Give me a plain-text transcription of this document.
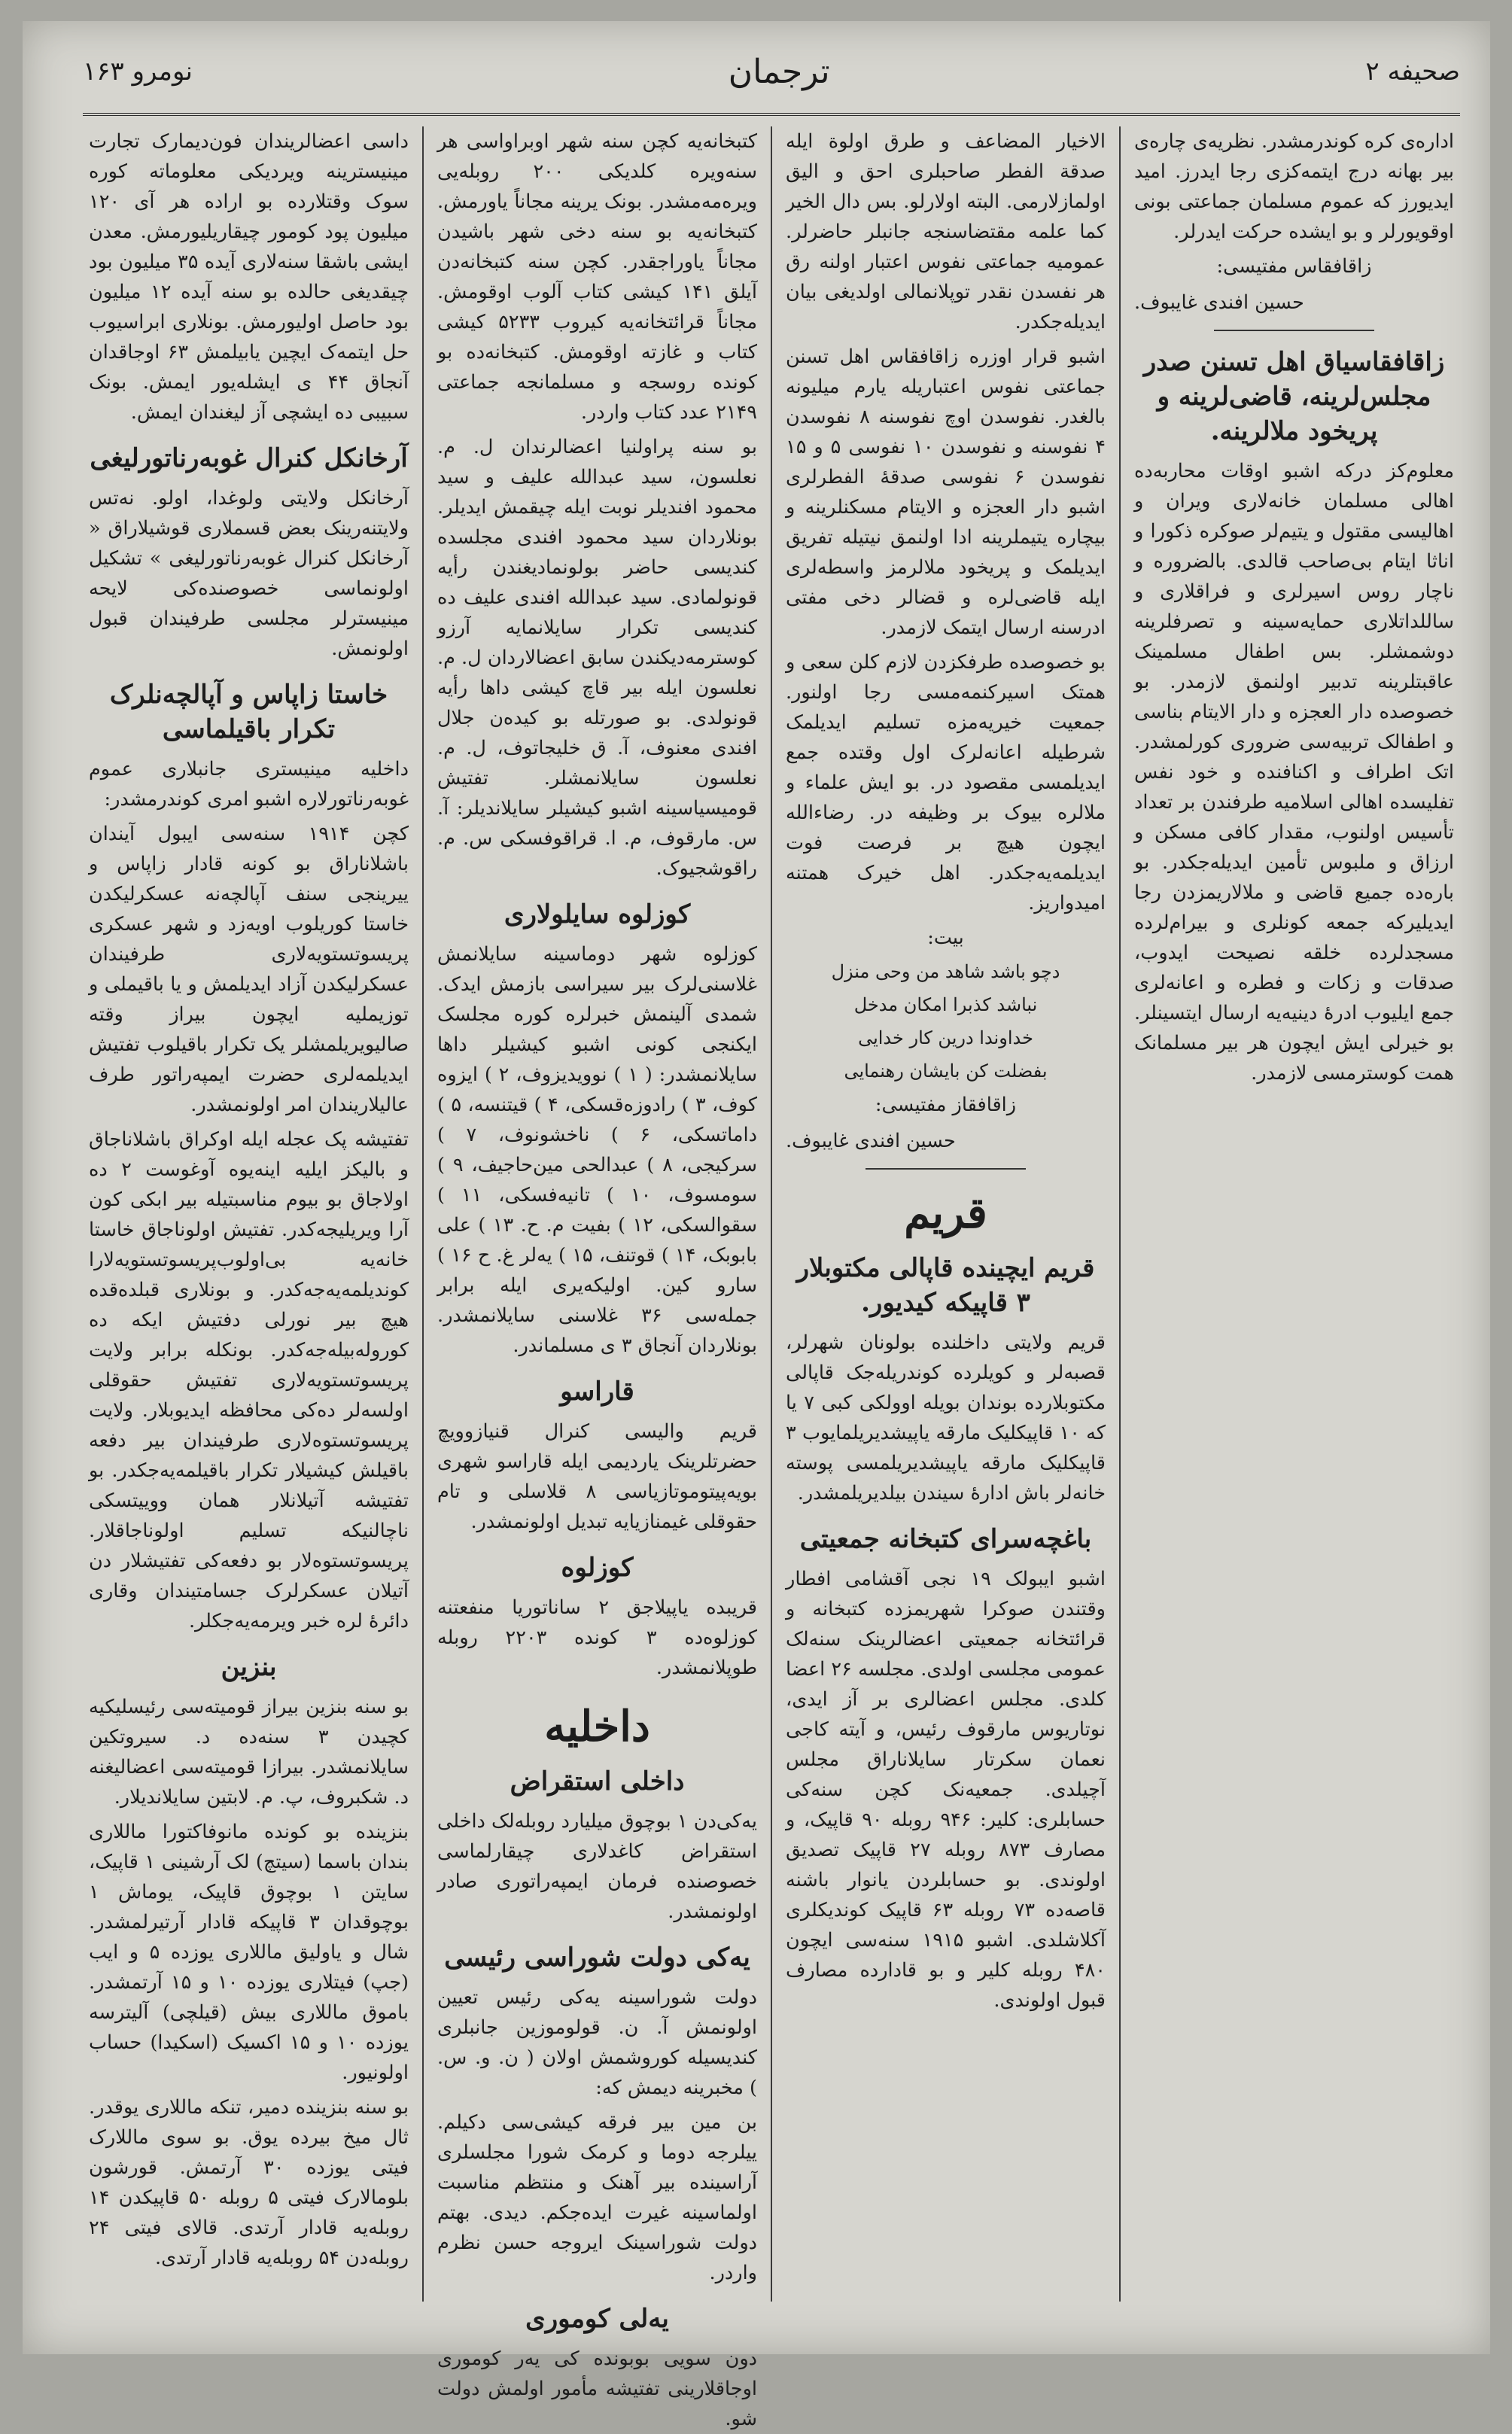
نومرو ۱۶۳	ترجمان	صحیفه ۲

اداره‌ی کره کوندرمشدر. نظریه‌ی چاره‌ی بیر بهانه درج ایتمه‌کزی رجا ایدرز. امید ایدیورز که عموم مسلمان جماعتی بونی اوقویورلر و بو ایشده حرکت ایدرلر.

زاقافقاس مفتیسی:

حسین افندی غایبوف.

زاقافقاسیاق اهل تسنن صدر مجلس‌لرینه، قاضی‌لرینه و پریخود ملالرینه.

معلوم‌کز درکه اشبو اوقات محاربه‌ده اهالی مسلمان خانه‌لاری ویران و اهالیسی مقتول و یتیم‌لر صوکره ذکورا و اناثا ایتام بی‌صاحب قالدی. بالضروره و ناچار روس اسیرلری و فراقلاری و ساللداتلاری حمایه‌سینه و تصرفلرینه دوشمشلر. بس اطفال مسلمینک عاقبتلرینه تدبیر اولنمق لازمدر. بو خصوصده دار العجزه و دار الایتام بناسی و اطفالک تربیه‌سی ضروری کورلمشدر. اتک اطراف و اکنافنده و خود نفس تفلیسده اهالی اسلامیه طرفندن بر تعداد تأسیس اولنوب، مقدار کافی مسکن و ارزاق و ملبوس تأمین ایدیله‌جکدر. بو باره‌ده جمیع قاضی و ملالاریمزدن رجا ایدیلیرکه جمعه کونلری و بیرام‌لرده مسجدلرده خلقه نصیحت ایدوب، صدقات و زکات و فطره و اعانه‌لری جمع ایلیوب ادرهٔ دینیه‌یه ارسال ایتسینلر. بو خیرلی ایش ایچون هر بیر مسلمانک همت کوسترمسی لازمدر.

الاخیار المضاعف و طرق اولوة ایله صدقة الفطر صاحبلری احق و الیق اولمازلارمی. البته اولارلو. بس دال الخیر کما علمه مقتضاسنجه جانبلر حاضرلر. عمومیه جماعتی نفوس اعتبار اولنه رق هر نفسدن نقدر توپلانمالی اولدیغی بیان ایدیله‌جکدر.

اشبو قرار اوزره زاقافقاس اهل تسنن جماعتی نفوس اعتباریله یارم میلیونه بالغدر. نفوسدن اوچ نفوسنه ۸ نفوسدن ۴ نفوسنه و نفوسدن ۱۰ نفوسی ۵ و ۱۵ نفوسدن ۶ نفوسی صدقهٔ الفطرلری اشبو دار العجزه و الایتام مسکنلرینه و بیچاره یتیملرینه ادا اولنمق نیتیله تفریق ایدیلمک و پریخود ملالرمز واسطه‌لری ایله قاضی‌لره و قضالر دخی مفتی ادرسنه ارسال ایتمک لازمدر.

بو خصوصده طرفکزدن لازم کلن سعی و همتک اسیرکنمه‌مسی رجا اولنور. جمعیت خیریه‌مزه تسلیم ایدیلمک شرطیله اعانه‌لرک اول وقتده جمع ایدیلمسی مقصود در. بو ایش علماء و ملالره بیوک بر وظیفه در. رضاءالله ایچون هیچ بر فرصت فوت ایدیلمه‌یه‌جکدر. اهل خیرک همتنه امیدواریز.

بیت:

دچو باشد شاهد من وحی منزل

نباشد کذبرا امکان مدخل

خداوندا درین کار خدایی

بفضلت کن بایشان رهنمایی

زاقافقاز مفتیسی:

حسین افندی غایبوف.

قریم
قریم ایچینده قاپالی مکتوبلار ۳ قاپیکه کیدیور.

قریم ولایتی داخلنده بولونان شهرلر، قصبه‌لر و کویلرده کوندریله‌جک قاپالی مکتوبلارده بوندان بویله اوولکی کبی ۷ یا که ۱۰ قاپیکلیک مارقه یاپیشدیریلمایوب ۳ قاپیکلیک مارقه یاپیشدیریلمسی پوسته خانه‌لر باش ادارهٔ سیندن بیلدیریلمشدر.

باغچه‌سرای کتبخانه جمعیتی

اشبو ایبولک ۱۹ نجی آقشامی افطار وقتندن صوکرا شهریمزده کتبخانه و قرائتخانه جمعیتی اعضالرینک سنه‌لک عمومی مجلسی اولدی. مجلسه ۲۶ اعضا کلدی. مجلس اعضالری بر آز ایدی، نوتاریوس مارقوف رئیس، و آیته کاجی نعمان سکرتار سایلاناراق مجلس آچیلدی. جمعیه‌نک کچن سنه‌کی حسابلری: کلیر: ۹۴۶ روبله ۹۰ قاپیک، و مصارف ۸۷۳ روبله ۲۷ قاپیک تصدیق اولوندی. بو حسابلردن یانوار باشنه قاصه‌ده ۷۳ روبله ۶۳ قاپیک کوندیکلری آکلاشلدی. اشبو ۱۹۱۵ سنه‌سی ایچون ۴۸۰ روبله کلیر و بو قادارده مصارف قبول اولوندی.

کتبخانه‌یه کچن سنه شهر اوبراواسی هر سنه‌ویره کلدیکی ۲۰۰ روبله‌یی ویره‌مه‌مشدر. بونک یرینه مجاناً یاورمش. کتبخانه‌یه بو سنه دخی شهر باشیدن مجاناً یاوراجقدر. کچن سنه کتبخانه‌دن آیلق ۱۴۱ کیشی کتاب آلوب اوقومش. مجاناً قرائتخانه‌یه کیروب ۵۲۳۳ کیشی کتاب و غازته اوقومش. کتبخانه‌ده بو کونده روسجه و مسلمانجه جماعتی ۲۱۴۹ عدد کتاب واردر.

بو سنه پراولنیا اعضالرندان ل. م. نعلسون، سید عبدالله علیف و سید محمود افندیلر نوبت ایله چیقمش ایدیلر. بونلاردان سید محمود افندی مجلسده کندیسی حاضر بولونمادیغندن رأیه قونولمادی. سید عبدالله افندی علیف ده کندیسی تکرار سایلانمایه آرزو کوسترمه‌دیکندن سابق اعضالاردان ل. م. نعلسون ایله بیر قاچ کیشی داها رأیه قونولدی. بو صورتله بو کیده‌ن جلال افندی معنوف، آ. ق خلیجاتوف، ل. م. نعلسون سایلانمشلر. تفتیش قومیسیاسینه اشبو کیشیلر سایلاندیلر: آ. س. مارقوف، م. ا. قراقوفسکی س. م. راقوشجیوک.

کوزلوه سایلولاری

کوزلوه شهر دوماسینه سایلانمش غلاسنی‌لرک بیر سیراسی بازمش ایدک. شمدی آلینمش خبرلره کوره مجلسک ایکنجی کونی اشبو کیشیلر داها سایلانمشدر: ( ۱ ) نوویدیزوف، ۲ ) ایزوه کوف، ۳ ) رادوزه‌قسکی، ۴ ) قیتنسه، ۵ ) داماتسکی، ۶ ) ناخشونوف، ۷ ) سرکیجی، ۸ ) عبدالحی مین‌حاجیف، ۹ ) سومسوف، ۱۰ ) تانیه‌فسکی، ۱۱ ) سقوالسکی، ۱۲ ) بفیت م. ح. ۱۳ ) علی بابوبک، ۱۴ ) قوتنف، ۱۵ ) یه‌لر غ. ح ۱۶ ) سارو کین. اولیکه‌یری ایله برابر جمله‌سی ۳۶ غلاسنی سایلانمشدر. بونلاردان آنجاق ۳ ی مسلماندر.

قاراسو

قریم والیسی کنرال قنیازوویچ حضرتلرینک یاردیمی ایله قاراسو شهری بویه‌پیتوموتازیاسی ۸ قلاسلی و تام حقوقلی غیمنازیایه تبدیل اولونمشدر.

کوزلوه

قریبده یاپیلاجق ۲ ساناتوریا منفعتنه کوزلوه‌ده ۳ کونده ۲۲۰۳ روبله طوپلانمشدر.

داخلیه
داخلی استقراض

یه‌کی‌دن ۱ بوچوق میلیارد روبله‌لک داخلی استقراض کاغدلاری چیقارلماسی خصوصنده فرمان ایمپه‌راتوری صادر اولونمشدر.

یه‌کی دولت شوراسی رئیسی

دولت شوراسینه یه‌کی رئیس تعیین اولونمش آ. ن. قولوموزین جانبلری کندیسیله کوروشمش اولان ( ن. و. س. ) مخبرینه دیمش که:

بن مین بیر فرقه کیشی‌سی دکیلم. ییلرجه دوما و کرمک شورا مجلسلری آراسینده بیر آهنک و منتظم مناسبت اولماسینه غیرت ایده‌جکم. دیدی. بهتم دولت شوراسینک ایروجه حسن نظرم واردر.

یه‌لی کوموری

دون سویی بوبونده کی یه‌ر کوموری اوجاقلارینی تفتیشه مأمور اولمش دولت شو.

داسی اعضالریندان فون‌دیمارک تجارت مینیسترینه ویردیکی معلوماته کوره سوک وقتلارده بو اراده هر آی ۱۲۰ میلیون پود کومور چیقاریلیورمش. معدن ایشی باشقا سنه‌لاری آیده ۳۵ میلیون بود چیقدیغی حالده بو سنه آیده ۱۲ میلیون بود حاصل اولیورمش. بونلاری ابراسیوب حل ایتمه‌ک ایچین یابیلمش ۶۳ اوجاقدان آنجاق ۴۴ ی ایشله‌یور ایمش. بونک سبیبی ده ایشچی آز لیغندان ایمش.

آرخانکل کنرال غوبه‌رناتورلیغی

آرخانکل ولایتی ولوغدا، اولو. نه‌تس ولایتنه‌رینک بعض قسملاری قوشیلاراق « آرخانکل کنرال غوبه‌رناتورلیغی » تشکیل اولونماسی خصوصنده‌کی لایحه مینیسترلر مجلسی طرفیندان قبول اولونمش.

خاستا زاپاس و آپالچه‌نلرک تکرار باقیلماسی

داخلیه مینیستری جانبلاری عموم غوبه‌رناتورلاره اشبو امری کوندرمشدر:

کچن ۱۹۱۴ سنه‌سی ایبول آیندان باشلاناراق بو کونه قادار زاپاس و ییرینجی سنف آپالچه‌نه عسکرلیکدن خاستا کوریلوب اویه‌زد و شهر عسکری پریسوتستویه‌لاری طرفیندان عسکرلیکدن آزاد ایدیلمش و یا باقیملی و توزیملیه ایچون بیراز وقته صالیویریلمشلر یک تکرار باقیلوب تفتیش ایدیلمه‌لری حضرت ایمپه‌راتور طرف عالیلاریندان امر اولونمشدر.

تفتیشه پک عجله ایله اوکراق باشلاناجاق و بالیکز ایلیه اینه‌یوه آوغوست ۲ ده اولاجاق بو بیوم مناسبتیله بیر ابکی کون آرا ویریلیجه‌کدر. تفتیش اولوناجاق خاستا خانه‌یه بی‌اولوب‌پریسوتستویه‌لارا کوندیلمه‌یه‌جه‌کدر. و بونلاری قبلده‌قده هیچ بیر نورلی دفتیش ایکه ده کوروله‌بیله‌جه‌کدر. بونکله برابر ولایت پریسوتستویه‌لاری تفتیش حقوقلی اولسه‌لر ده‌کی محافظه ایدیوبلار. ولایت پریسوتستوه‌لاری طرفیندان بیر دفعه باقیلش کیشیلار تکرار باقیلمه‌یه‌جکدر. بو تفتیشه آتیلانلار همان وو‌ییتسکی ناچالنیکه تسلیم اولوناجاقلار. پریسوتستوه‌لار بو دفعه‌کی تفتیشلار دن آتیلان عسکرلرک جسامتیندان وقاری دائرهٔ لره خبر ویرمه‌یه‌جکلر.

بنزین

بو سنه بنزین بیراز قومیته‌سی رئیسلیکیه کچیدن ۳ سنه‌ده د. سیروتکین سایلانمشدر. بیرازا قومیته‌سی اعضالیغنه د. شکبروف، پ. م. لابتین سایلاندیلار.

بنزینده بو کونده مانوفاکتورا ماللاری بندان باسما (سیتچ) لک آرشینی ۱ قاپیک، سایتن ۱ بوچوق قاپیک، یوماش ۱ بوچوقدان ۳ قاپیکه قادار آرتیرلمشدر. شال و یاولیق ماللاری یوزده ۵ و ایب (جپ) فیتلاری یوزده ۱۰ و ۱۵ آرتمشدر. باموق ماللاری بیش (قیلچی) آلیترسه یوزده ۱۰ و ۱۵ اکسیک (اسکیدا) حساب اولونیور.

بو سنه بنزینده دمیر، تنکه ماللاری یوقدر. ثال میخ بیرده یوق. بو سوی ماللارک فیتی یوزده ۳۰ آرتمش. قورشون بلومالارک فیتی ۵ روبله ۵۰ قاپیکدن ۱۴ روبله‌یه قادار آرتدی. قالای فیتی ۲۴ روبله‌دن ۵۴ روبله‌یه قادار آرتدی.
